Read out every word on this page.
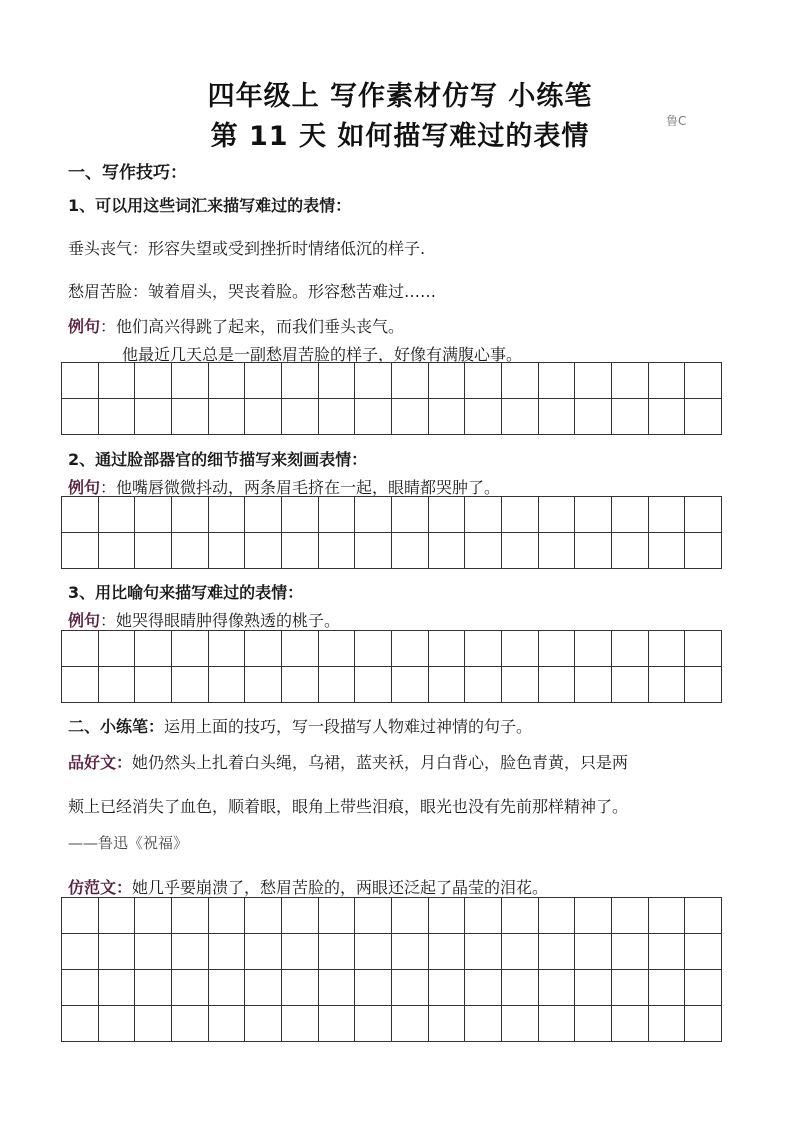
四年级上 写作素材仿写 小练笔
第 11 天 如何描写难过的表情	鲁C
一、写作技巧：
1、可以用这些词汇来描写难过的表情：
垂头丧气：形容失望或受到挫折时情绪低沉的样子.
愁眉苦脸：皱着眉头，哭丧着脸。形容愁苦难过……
例句：他们高兴得跳了起来，而我们垂头丧气。
他最近几天总是一副愁眉苦脸的样子，好像有满腹心事。
2、通过脸部器官的细节描写来刻画表情：
例句：他嘴唇微微抖动，两条眉毛挤在一起，眼睛都哭肿了。
3、用比喻句来描写难过的表情：
例句：她哭得眼睛肿得像熟透的桃子。
二、小练笔：运用上面的技巧，写一段描写人物难过神情的句子。
品好文：她仍然头上扎着白头绳，乌裙，蓝夹袄，月白背心，脸色青黄，只是两
颊上已经消失了血色，顺着眼，眼角上带些泪痕，眼光也没有先前那样精神了。
——鲁迅《祝福》
仿范文：她几乎要崩溃了，愁眉苦脸的，两眼还泛起了晶莹的泪花。
